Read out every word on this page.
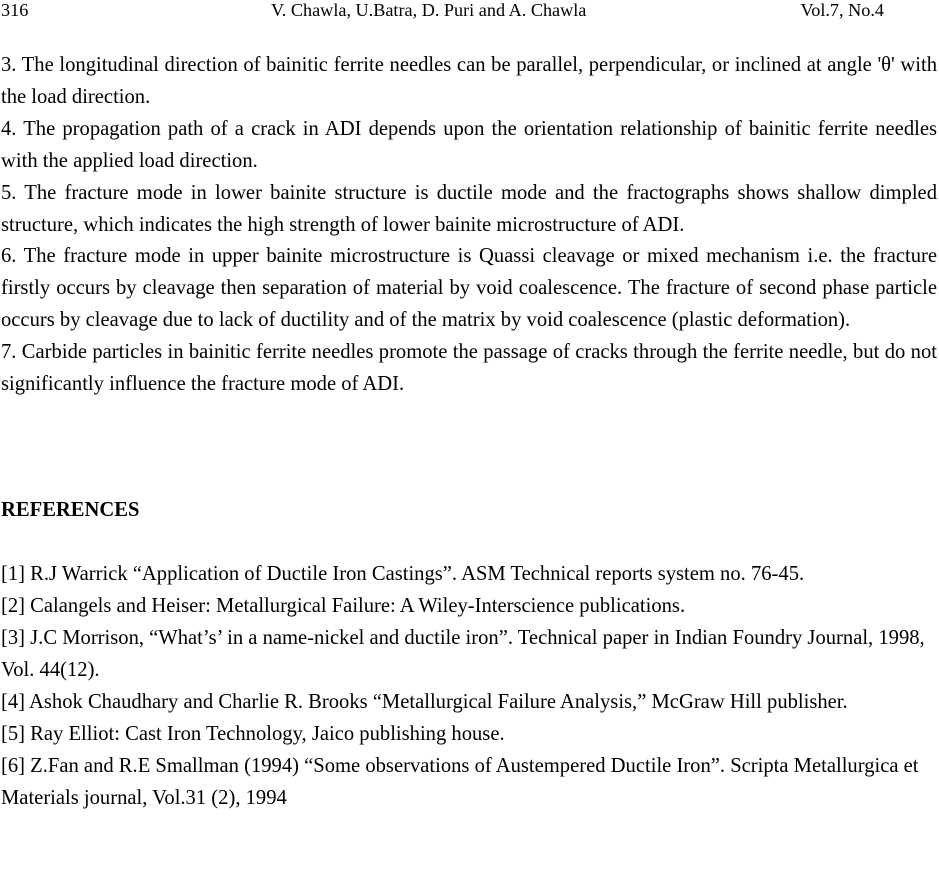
316	V. Chawla, U.Batra, D. Puri and A. Chawla	Vol.7, No.4

3. The longitudinal direction of bainitic ferrite needles can be parallel, perpendicular, or inclined at angle 'θ' with the load direction.

4. The propagation path of a crack in ADI depends upon the orientation relationship of bainitic ferrite needles with the applied load direction.

5. The fracture mode in lower bainite structure is ductile mode and the fractographs shows shallow dimpled structure, which indicates the high strength of lower bainite microstructure of ADI.

6. The fracture mode in upper bainite microstructure is Quassi cleavage or mixed mechanism i.e. the fracture firstly occurs by cleavage then separation of material by void coalescence. The fracture of second phase particle occurs by cleavage due to lack of ductility and of the matrix by void coalescence (plastic deformation).

7. Carbide particles in bainitic ferrite needles promote the passage of cracks through the ferrite needle, but do not significantly influence the fracture mode of ADI.

REFERENCES

[1] R.J Warrick “Application of Ductile Iron Castings”. ASM Technical reports system no. 76-45.

[2] Calangels and Heiser: Metallurgical Failure: A Wiley-Interscience publications.

[3] J.C Morrison, “What’s’ in a name-nickel and ductile iron”. Technical paper in Indian Foundry Journal, 1998, Vol. 44(12).

[4] Ashok Chaudhary and Charlie R. Brooks “Metallurgical Failure Analysis,” McGraw Hill publisher.

[5] Ray Elliot: Cast Iron Technology, Jaico publishing house.

[6] Z.Fan and R.E Smallman (1994) “Some observations of Austempered Ductile Iron”. Scripta Metallurgica et Materials journal, Vol.31 (2), 1994
